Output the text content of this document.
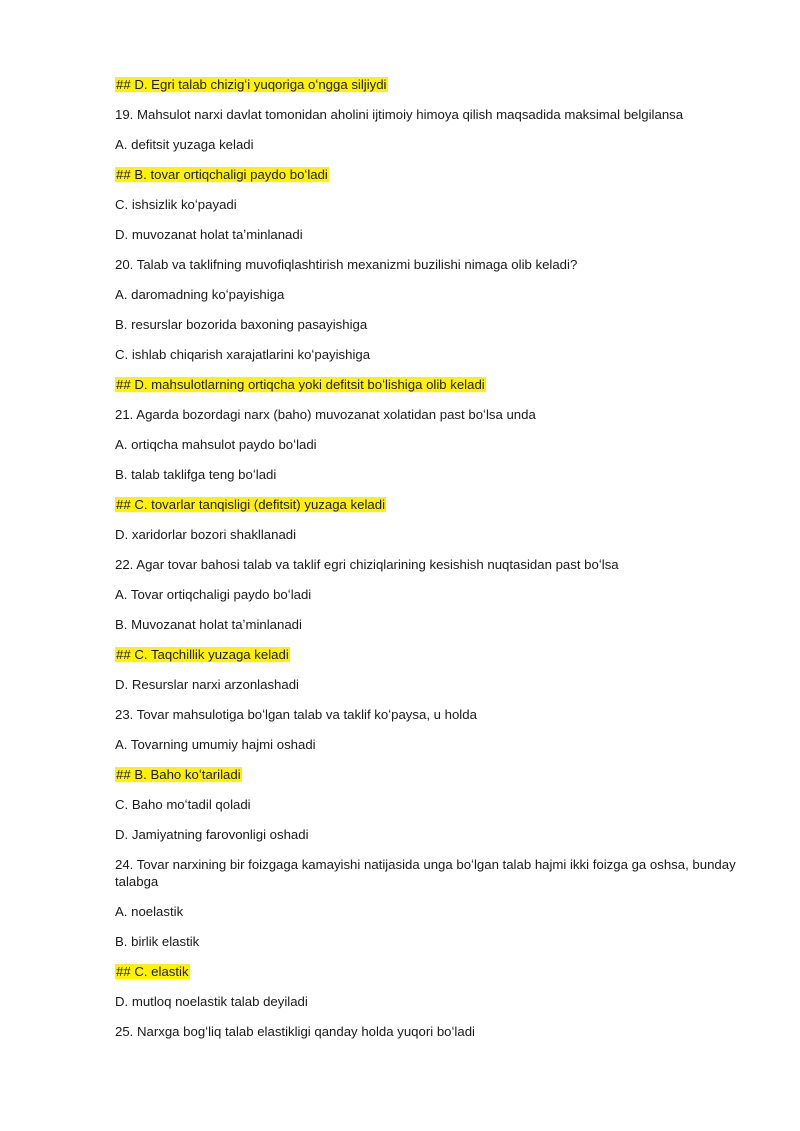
## D. Egri talab chizigʻi yuqoriga oʻngga siljiydi
19. Mahsulot narxi davlat tomonidan aholini ijtimoiy himoya qilish maqsadida maksimal belgilansa
A. defitsit yuzaga keladi
## B. tovar ortiqchaligi paydo boʻladi
C. ishsizlik koʻpayadi
D. muvozanat holat taʼminlanadi
20. Talab va taklifning muvofiqlashtirish mexanizmi buzilishi nimaga olib keladi?
A. daromadning koʻpayishiga
B. resurslar bozorida baxoning pasayishiga
C. ishlab chiqarish xarajatlarini koʻpayishiga
## D. mahsulotlarning ortiqcha yoki defitsit boʻlishiga olib keladi
21. Agarda bozordagi narx (baho) muvozanat xolatidan past boʻlsa unda
A. ortiqcha mahsulot paydo boʻladi
B. talab taklifga teng boʻladi
## C. tovarlar tanqisligi (defitsit) yuzaga keladi
D. xaridorlar bozori shakllanadi
22. Agar tovar bahosi talab va taklif egri chiziqlarining kesishish nuqtasidan past boʻlsa
A. Tovar ortiqchaligi paydo boʻladi
B. Muvozanat holat taʼminlanadi
## C. Taqchillik yuzaga keladi
D. Resurslar narxi arzonlashadi
23. Tovar mahsulotiga boʻlgan talab va taklif koʻpaysa, u holda
A. Tovarning umumiy hajmi oshadi
## B. Baho koʻtariladi
C. Baho moʻtadil qoladi
D. Jamiyatning farovonligi oshadi
24. Tovar narxining bir foizgaga kamayishi natijasida unga boʻlgan talab hajmi ikki foizga ga oshsa, bunday talabga
A. noelastik
B. birlik elastik
## C. elastik
D. mutloq noelastik talab deyiladi
25. Narxga bogʻliq talab elastikligi qanday holda yuqori boʻladi
